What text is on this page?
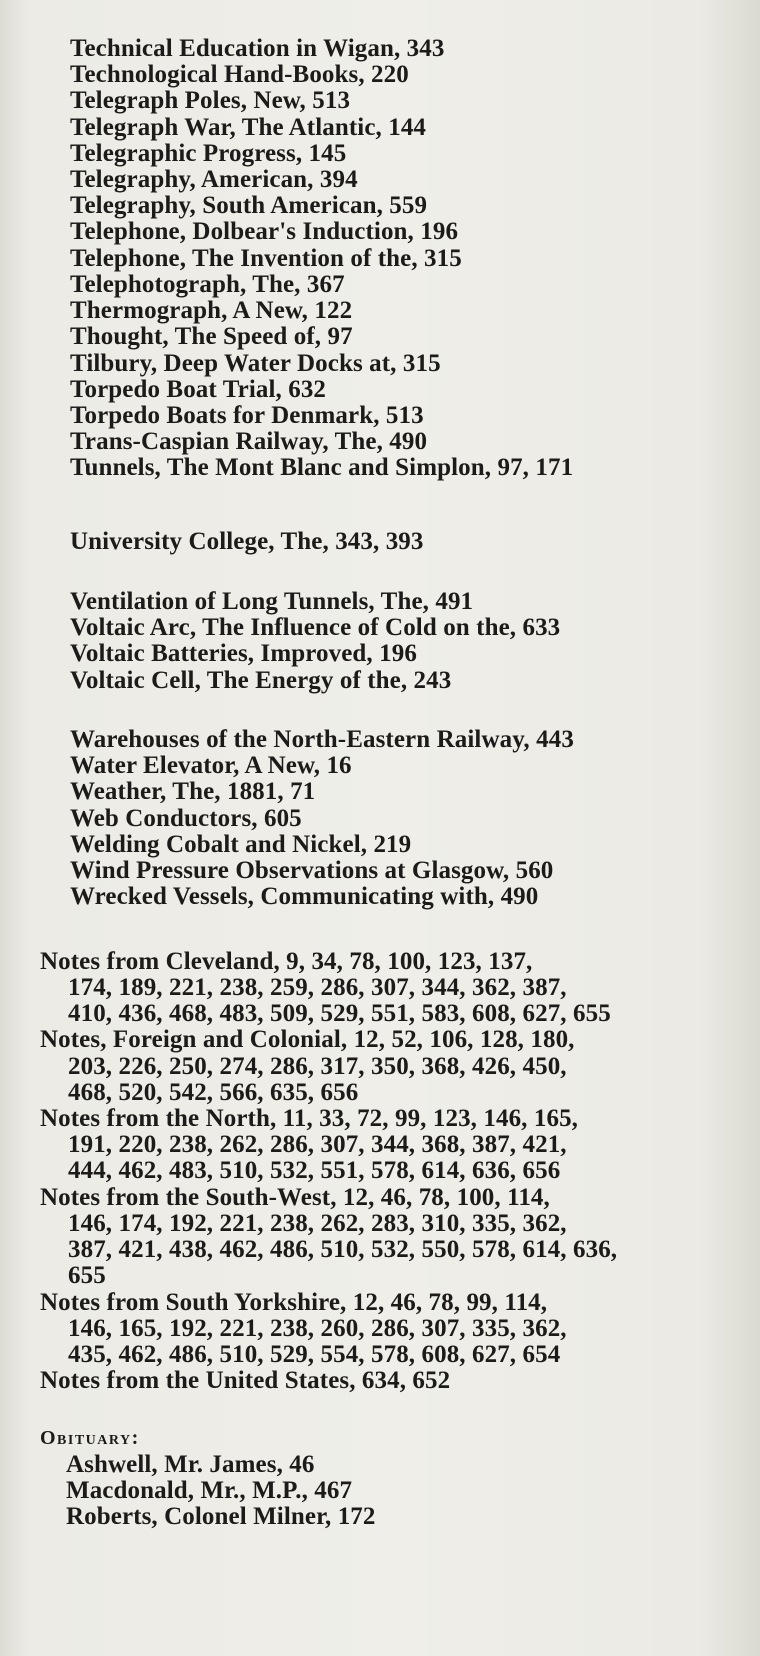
Technical Education in Wigan, 343
Technological Hand-Books, 220
Telegraph Poles, New, 513
Telegraph War, The Atlantic, 144
Telegraphic Progress, 145
Telegraphy, American, 394
Telegraphy, South American, 559
Telephone, Dolbear's Induction, 196
Telephone, The Invention of the, 315
Telephotograph, The, 367
Thermograph, A New, 122
Thought, The Speed of, 97
Tilbury, Deep Water Docks at, 315
Torpedo Boat Trial, 632
Torpedo Boats for Denmark, 513
Trans-Caspian Railway, The, 490
Tunnels, The Mont Blanc and Simplon, 97, 171
University College, The, 343, 393
Ventilation of Long Tunnels, The, 491
Voltaic Arc, The Influence of Cold on the, 633
Voltaic Batteries, Improved, 196
Voltaic Cell, The Energy of the, 243
Warehouses of the North-Eastern Railway, 443
Water Elevator, A New, 16
Weather, The, 1881, 71
Web Conductors, 605
Welding Cobalt and Nickel, 219
Wind Pressure Observations at Glasgow, 560
Wrecked Vessels, Communicating with, 490
Notes from Cleveland, 9, 34, 78, 100, 123, 137,
174, 189, 221, 238, 259, 286, 307, 344, 362, 387,
410, 436, 468, 483, 509, 529, 551, 583, 608, 627, 655
Notes, Foreign and Colonial, 12, 52, 106, 128, 180,
203, 226, 250, 274, 286, 317, 350, 368, 426, 450,
468, 520, 542, 566, 635, 656
Notes from the North, 11, 33, 72, 99, 123, 146, 165,
191, 220, 238, 262, 286, 307, 344, 368, 387, 421,
444, 462, 483, 510, 532, 551, 578, 614, 636, 656
Notes from the South-West, 12, 46, 78, 100, 114,
146, 174, 192, 221, 238, 262, 283, 310, 335, 362,
387, 421, 438, 462, 486, 510, 532, 550, 578, 614, 636,
655
Notes from South Yorkshire, 12, 46, 78, 99, 114,
146, 165, 192, 221, 238, 260, 286, 307, 335, 362,
435, 462, 486, 510, 529, 554, 578, 608, 627, 654
Notes from the United States, 634, 652
Obituary:
Ashwell, Mr. James, 46
Macdonald, Mr., M.P., 467
Roberts, Colonel Milner, 172
